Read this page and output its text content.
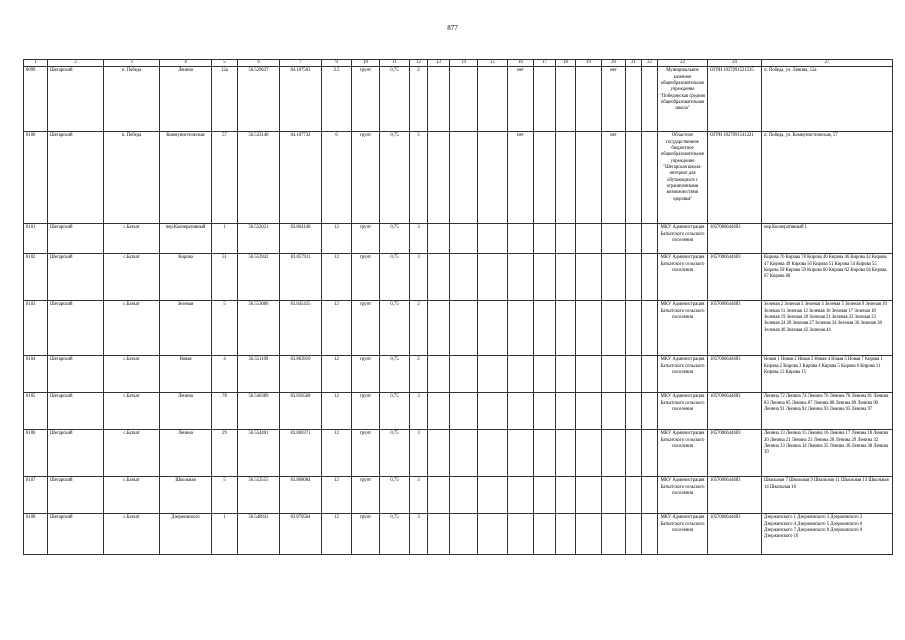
877
1	2	3	4	5	6	7	9	10	11	12	13	14	15	16	17	18	19	20	21	22	23	24	27
8099	Шегарский	п. Победа	Ленина	12а	56.529637	84.107503	2.5	грунт	0,75	2				нет				нет			Муниципальное казенное общеобразовательное учреждение "Побединская средняя общеобразовательная школа"	ОГРН 1027091521535	п. Победа, ул. Ленина, 12а
8100	Шегарский	п. Победа	Коммунистическая	57	56.533140	84.107732	6	грунт	0,75	5				нет				нет			Областное государственное бюджетное общеобразовательное учреждение "Шегарская школа-интернат для обучающихся с ограниченными возможностями здоровья"	ОГРН 1027091541221	п. Победа, ул. Коммунистическая, 57
8101	Шегарский	с.Баткат	пер.Кооперативный	1	56.552021	83.864148	12	грунт	0,75	3											МКУ Администрация Баткатского сельского поселения	1057006644683	пер.Кооперативный 1
8102	Шегарский	с.Баткат	Кирова	51	56.553942	83.857911	12	грунт	0,75	3											МКУ Администрация Баткатского сельского поселения	1057006644683	Кирова 76 Кирова 78 Кирова 40 Кирова 46 Кирова 42 Кирова 47 Кирова 49 Кирова 50 Кирова 51 Кирова 54 Кирова 55 Кирова 58 Кирова 59 Кирова 60 Кирова 62 Кирова 64 Кирова 67 Кирова 68
8103	Шегарский	с.Баткат	Зеленая	5	56.553006	83.845435	12	грунт	0,75	2											МКУ Администрация Баткатского сельского поселения	1057006644683	Зеленая 2 Зеленая 3 Зеленая 4 Зеленая 5 Зеленая 9 Зеленая 10 Зеленая 11 Зеленая 12 Зеленая 16 Зеленая 17 Зеленая 18 Зеленая 19 Зеленая 20 Зеленая 21 Зеленая 22 Зеленая 23 Зеленая 24 28 Зеленая 27 Зеленая 34 Зеленая 36 Зеленая 38 Зеленая 40 Зеленая 42 Зеленая 44
8104	Шегарский	с.Баткат	Новая	4	56.551109	83.863910	12	грунт	0,75	2											МКУ Администрация Баткатского сельского поселения	1057006644683	Новая 1 Новая 2 Новая 3 Новая 4 Новая 5 Новая 7 Кирова 1 Кирова 2 Кирова 3 Кирова 4 Кирова 5 Кирова 6 Кирова 11 Кирова 13 Кирова 15
8105	Шегарский	с.Баткат	Ленина	78	56.546389	83.856568	12	грунт	0,75	3											МКУ Администрация Баткатского сельского поселения	1057006644683	Ленина 72 Ленина 74 Ленина 76 Ленина 78 Ленина 81 Ленина 83 Ленина 85 Ленина 87 Ленина 88 Ленина 89 Ленина 90 Ленина 91 Ленина 92 Ленина 93 Ленина 95 Ленина 97
8106	Шегарский	с.Баткат	Ленина	29	56.554401	83.869371	12	грунт	0,75	3											МКУ Администрация Баткатского сельского поселения	1057006644683	Ленина 13 Ленина 15 Ленина 16 Ленина 17 Ленина 18 Ленина 20 Ленина 21 Ленина 23 Ленина 28 Ленина 29 Ленина 32 Ленина 33 Ленина 34 Ленина 35 Ленина 36 Ленина 38 Ленина 39
8107	Шегарский	с.Баткат	Школьная	5	56.552555	83.868084	12	грунт	0,75	3											МКУ Администрация Баткатского сельского поселения	1057006644683	Школьная 7 Школьная 9 Школьная 11 Школьная 13 Школьная 14 Школьная 16
8108	Шегарский	с.Баткат	Дзержинского	1	56.548941	83.870564	12	грунт	0,75	3											МКУ Администрация Баткатского сельского поселения	1057006644683	Дзержинского 1 Дзержинского 3 Дзержинского 3 Дзержинского 4 Дзержинского 5 Дзержинского 6 Дзержинского 7 Дзержинского 8 Дзержинского 9 Дзержинского 10
